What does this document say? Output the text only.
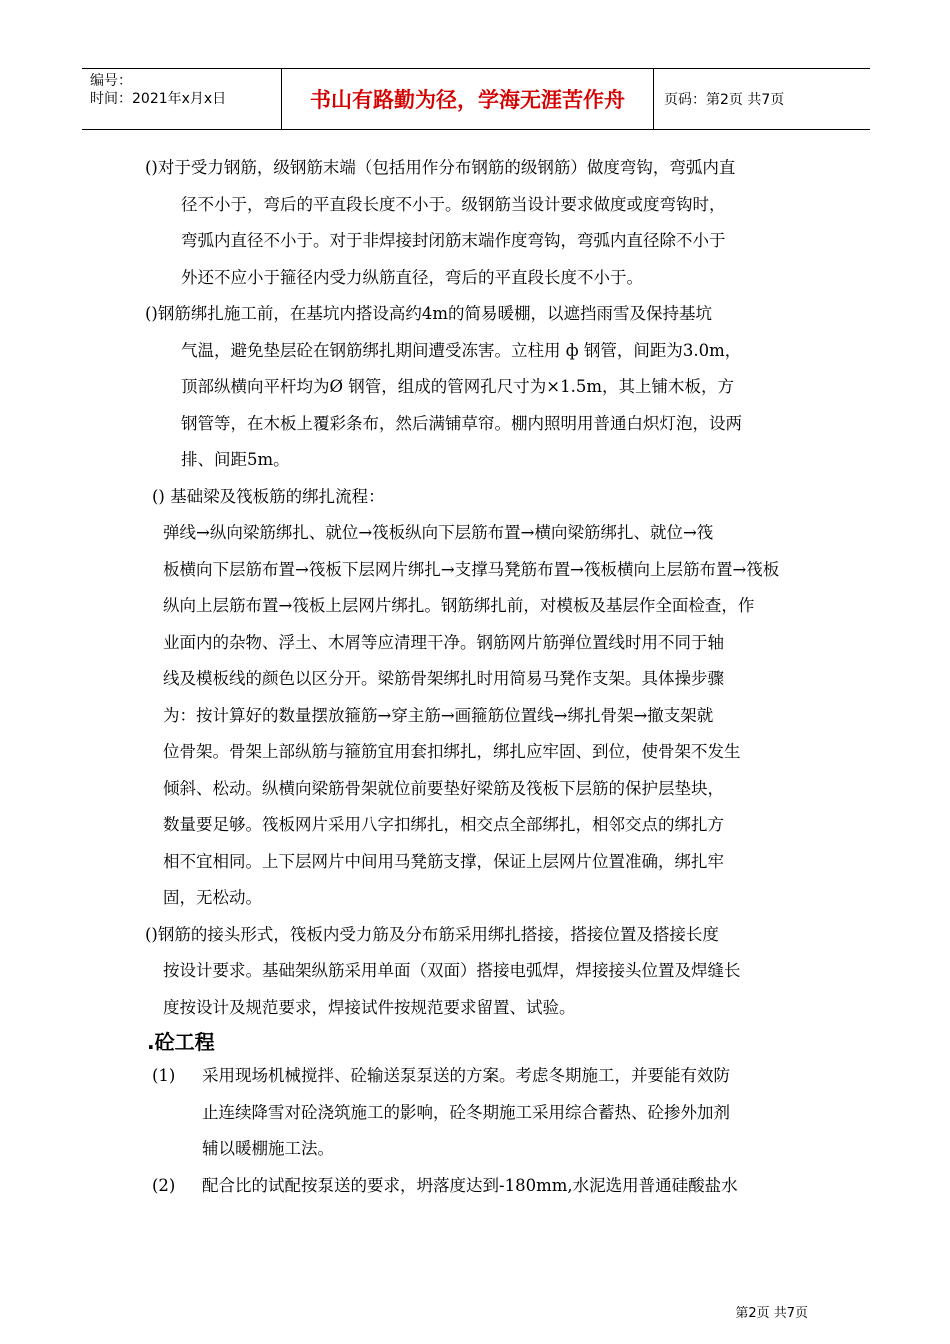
编号：
时间：2021年x月x日	书山有路勤为径，学海无涯苦作舟	页码：第2页 共7页
()对于受力钢筋，级钢筋末端（包括用作分布钢筋的级钢筋）做度弯钩，弯弧内直
径不小于，弯后的平直段长度不小于。级钢筋当设计要求做度或度弯钩时，
弯弧内直径不小于。对于非焊接封闭筋末端作度弯钩，弯弧内直径除不小于
外还不应小于箍径内受力纵筋直径，弯后的平直段长度不小于。
()钢筋绑扎施工前，在基坑内搭设高约4m的简易暖棚，以遮挡雨雪及保持基坑
气温，避免垫层砼在钢筋绑扎期间遭受冻害。立柱用 ф 钢管，间距为3.0m，
顶部纵横向平杆均为Ø 钢管，组成的管网孔尺寸为×1.5m，其上铺木板，方
钢管等，在木板上覆彩条布，然后满铺草帘。棚内照明用普通白炽灯泡，设两
排、间距5m。
() 基础梁及筏板筋的绑扎流程：
弹线→纵向梁筋绑扎、就位→筏板纵向下层筋布置→横向梁筋绑扎、就位→筏
板横向下层筋布置→筏板下层网片绑扎→支撑马凳筋布置→筏板横向上层筋布置→筏板
纵向上层筋布置→筏板上层网片绑扎。钢筋绑扎前，对模板及基层作全面检查，作
业面内的杂物、浮土、木屑等应清理干净。钢筋网片筋弹位置线时用不同于轴
线及模板线的颜色以区分开。梁筋骨架绑扎时用简易马凳作支架。具体操步骤
为：按计算好的数量摆放箍筋→穿主筋→画箍筋位置线→绑扎骨架→撤支架就
位骨架。骨架上部纵筋与箍筋宜用套扣绑扎，绑扎应牢固、到位，使骨架不发生
倾斜、松动。纵横向梁筋骨架就位前要垫好梁筋及筏板下层筋的保护层垫块，
数量要足够。筏板网片采用八字扣绑扎，相交点全部绑扎，相邻交点的绑扎方
相不宜相同。上下层网片中间用马凳筋支撑，保证上层网片位置准确，绑扎牢
固，无松动。
()钢筋的接头形式，筏板内受力筋及分布筋采用绑扎搭接，搭接位置及搭接长度
按设计要求。基础架纵筋采用单面（双面）搭接电弧焊，焊接接头位置及焊缝长
度按设计及规范要求，焊接试件按规范要求留置、试验。
.砼工程
(1) 采用现场机械搅拌、砼输送泵泵送的方案。考虑冬期施工，并要能有效防
止连续降雪对砼浇筑施工的影响，砼冬期施工采用综合蓄热、砼掺外加剂
辅以暖棚施工法。
(2) 配合比的试配按泵送的要求，坍落度达到-180mm,水泥选用普通硅酸盐水
第2页 共7页
